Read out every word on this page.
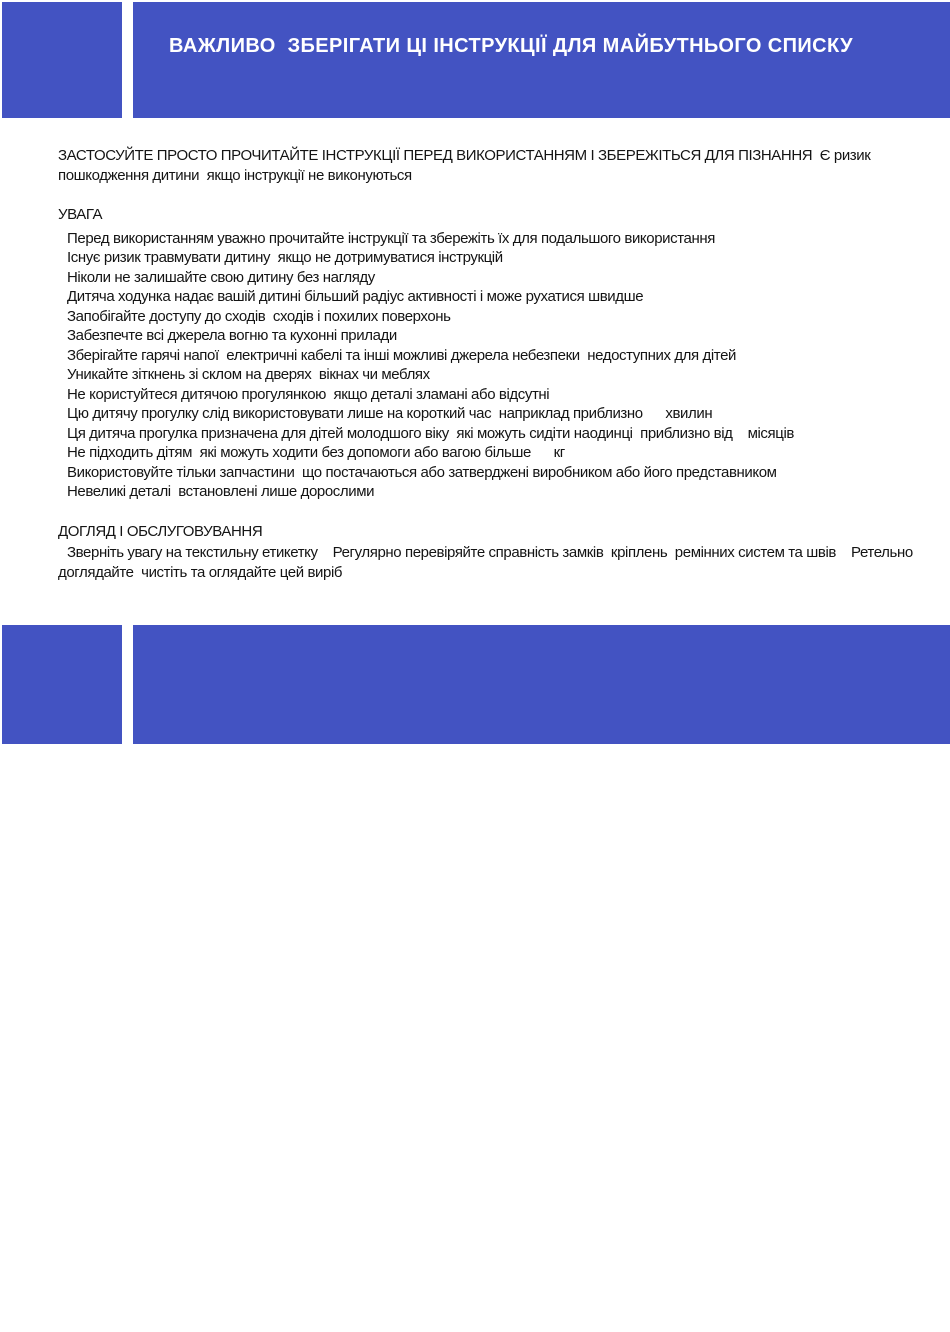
ВАЖЛИВО  ЗБЕРІГАТИ ЦІ ІНСТРУКЦІЇ ДЛЯ МАЙБУТНЬОГО СПИСКУ

ЗАСТОСУЙТЕ ПРОСТО ПРОЧИТАЙТЕ ІНСТРУКЦІЇ ПЕРЕД ВИКОРИСТАННЯМ І ЗБЕРЕЖІТЬСЯ ДЛЯ ПІЗНАННЯ  Є ризик пошкодження дитини  якщо інструкції не виконуються

УВАГА

Перед використанням уважно прочитайте інструкції та збережіть їх для подальшого використання
Існує ризик травмувати дитину  якщо не дотримуватися інструкцій
Ніколи не залишайте свою дитину без нагляду
Дитяча ходунка надає вашій дитині більший радіус активності і може рухатися швидше
Запобігайте доступу до сходів  сходів і похилих поверхонь
Забезпечте всі джерела вогню та кухонні прилади
Зберігайте гарячі напої  електричні кабелі та інші можливі джерела небезпеки  недоступних для дітей
Уникайте зіткнень зі склом на дверях  вікнах чи меблях
Не користуйтеся дитячою прогулянкою  якщо деталі зламані або відсутні
Цю дитячу прогулку слід використовувати лише на короткий час  наприклад приблизно      хвилин
Ця дитяча прогулка призначена для дітей молодшого віку  які можуть сидіти наодинці  приблизно від    місяців
Не підходить дітям  які можуть ходити без допомоги або вагою більше      кг
Використовуйте тільки запчастини  що постачаються або затверджені виробником або його представником
Невеликі деталі  встановлені лише дорослими

ДОГЛЯД І ОБСЛУГОВУВАННЯ

Зверніть увагу на текстильну етикетку    Регулярно перевіряйте справність замків  кріплень  ремінних систем та швів    Ретельно доглядайте  чистіть та оглядайте цей виріб
